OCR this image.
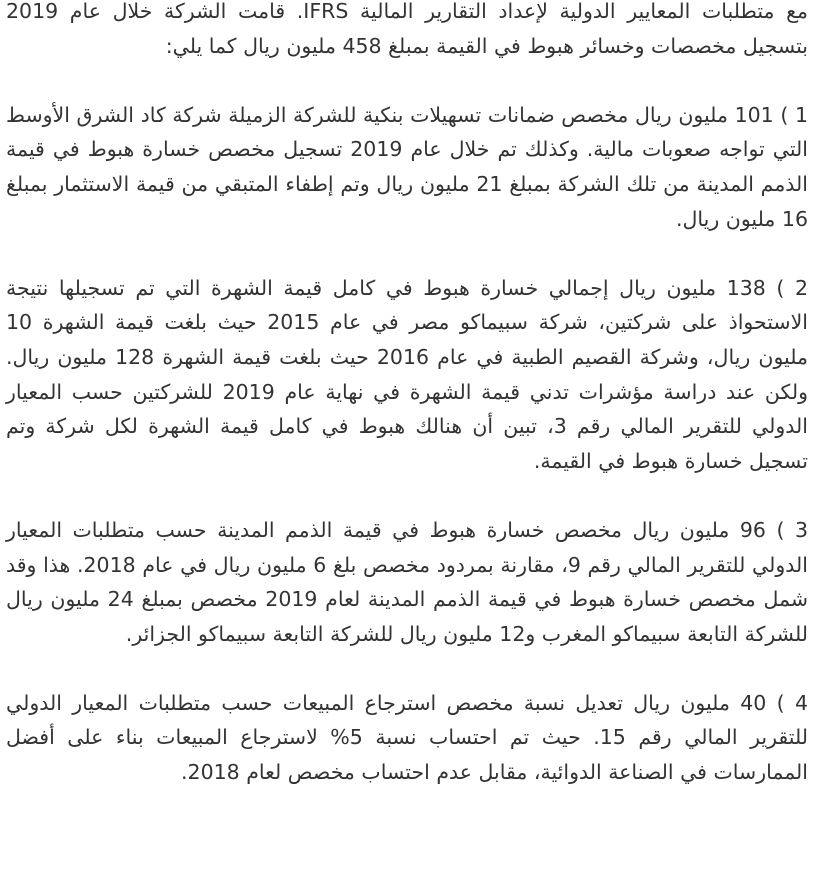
مع متطلبات المعايير الدولية لإعداد التقارير المالية IFRS. قامت الشركة خلال عام 2019 بتسجيل مخصصات وخسائر هبوط في القيمة بمبلغ 458 مليون ريال كما يلي:

1 ) 101 مليون ريال مخصص ضمانات تسهيلات بنكية للشركة الزميلة شركة كاد الشرق الأوسط التي تواجه صعوبات مالية. وكذلك تم خلال عام 2019 تسجيل مخصص خسارة هبوط في قيمة الذمم المدينة من تلك الشركة بمبلغ 21 مليون ريال وتم إطفاء المتبقي من قيمة الاستثمار بمبلغ 16 مليون ريال.

2 ) 138 مليون ريال إجمالي خسارة هبوط في كامل قيمة الشهرة التي تم تسجيلها نتيجة الاستحواذ على شركتين، شركة سبيماكو مصر في عام 2015 حيث بلغت قيمة الشهرة 10 مليون ريال، وشركة القصيم الطبية في عام 2016 حيث بلغت قيمة الشهرة 128 مليون ريال. ولكن عند دراسة مؤشرات تدني قيمة الشهرة في نهاية عام 2019 للشركتين حسب المعيار الدولي للتقرير المالي رقم 3، تبين أن هنالك هبوط في كامل قيمة الشهرة لكل شركة وتم تسجيل خسارة هبوط في القيمة.

3 ) 96 مليون ريال مخصص خسارة هبوط في قيمة الذمم المدينة حسب متطلبات المعيار الدولي للتقرير المالي رقم 9، مقارنة بمردود مخصص بلغ 6 مليون ريال في عام 2018. هذا وقد شمل مخصص خسارة هبوط في قيمة الذمم المدينة لعام 2019 مخصص بمبلغ 24 مليون ريال للشركة التابعة سبيماكو المغرب و12 مليون ريال للشركة التابعة سبيماكو الجزائر.

4 ) 40 مليون ريال تعديل نسبة مخصص استرجاع المبيعات حسب متطلبات المعيار الدولي للتقرير المالي رقم 15. حيث تم احتساب نسبة 5% لاسترجاع المبيعات بناء على أفضل الممارسات في الصناعة الدوائية، مقابل عدم احتساب مخصص لعام 2018.
